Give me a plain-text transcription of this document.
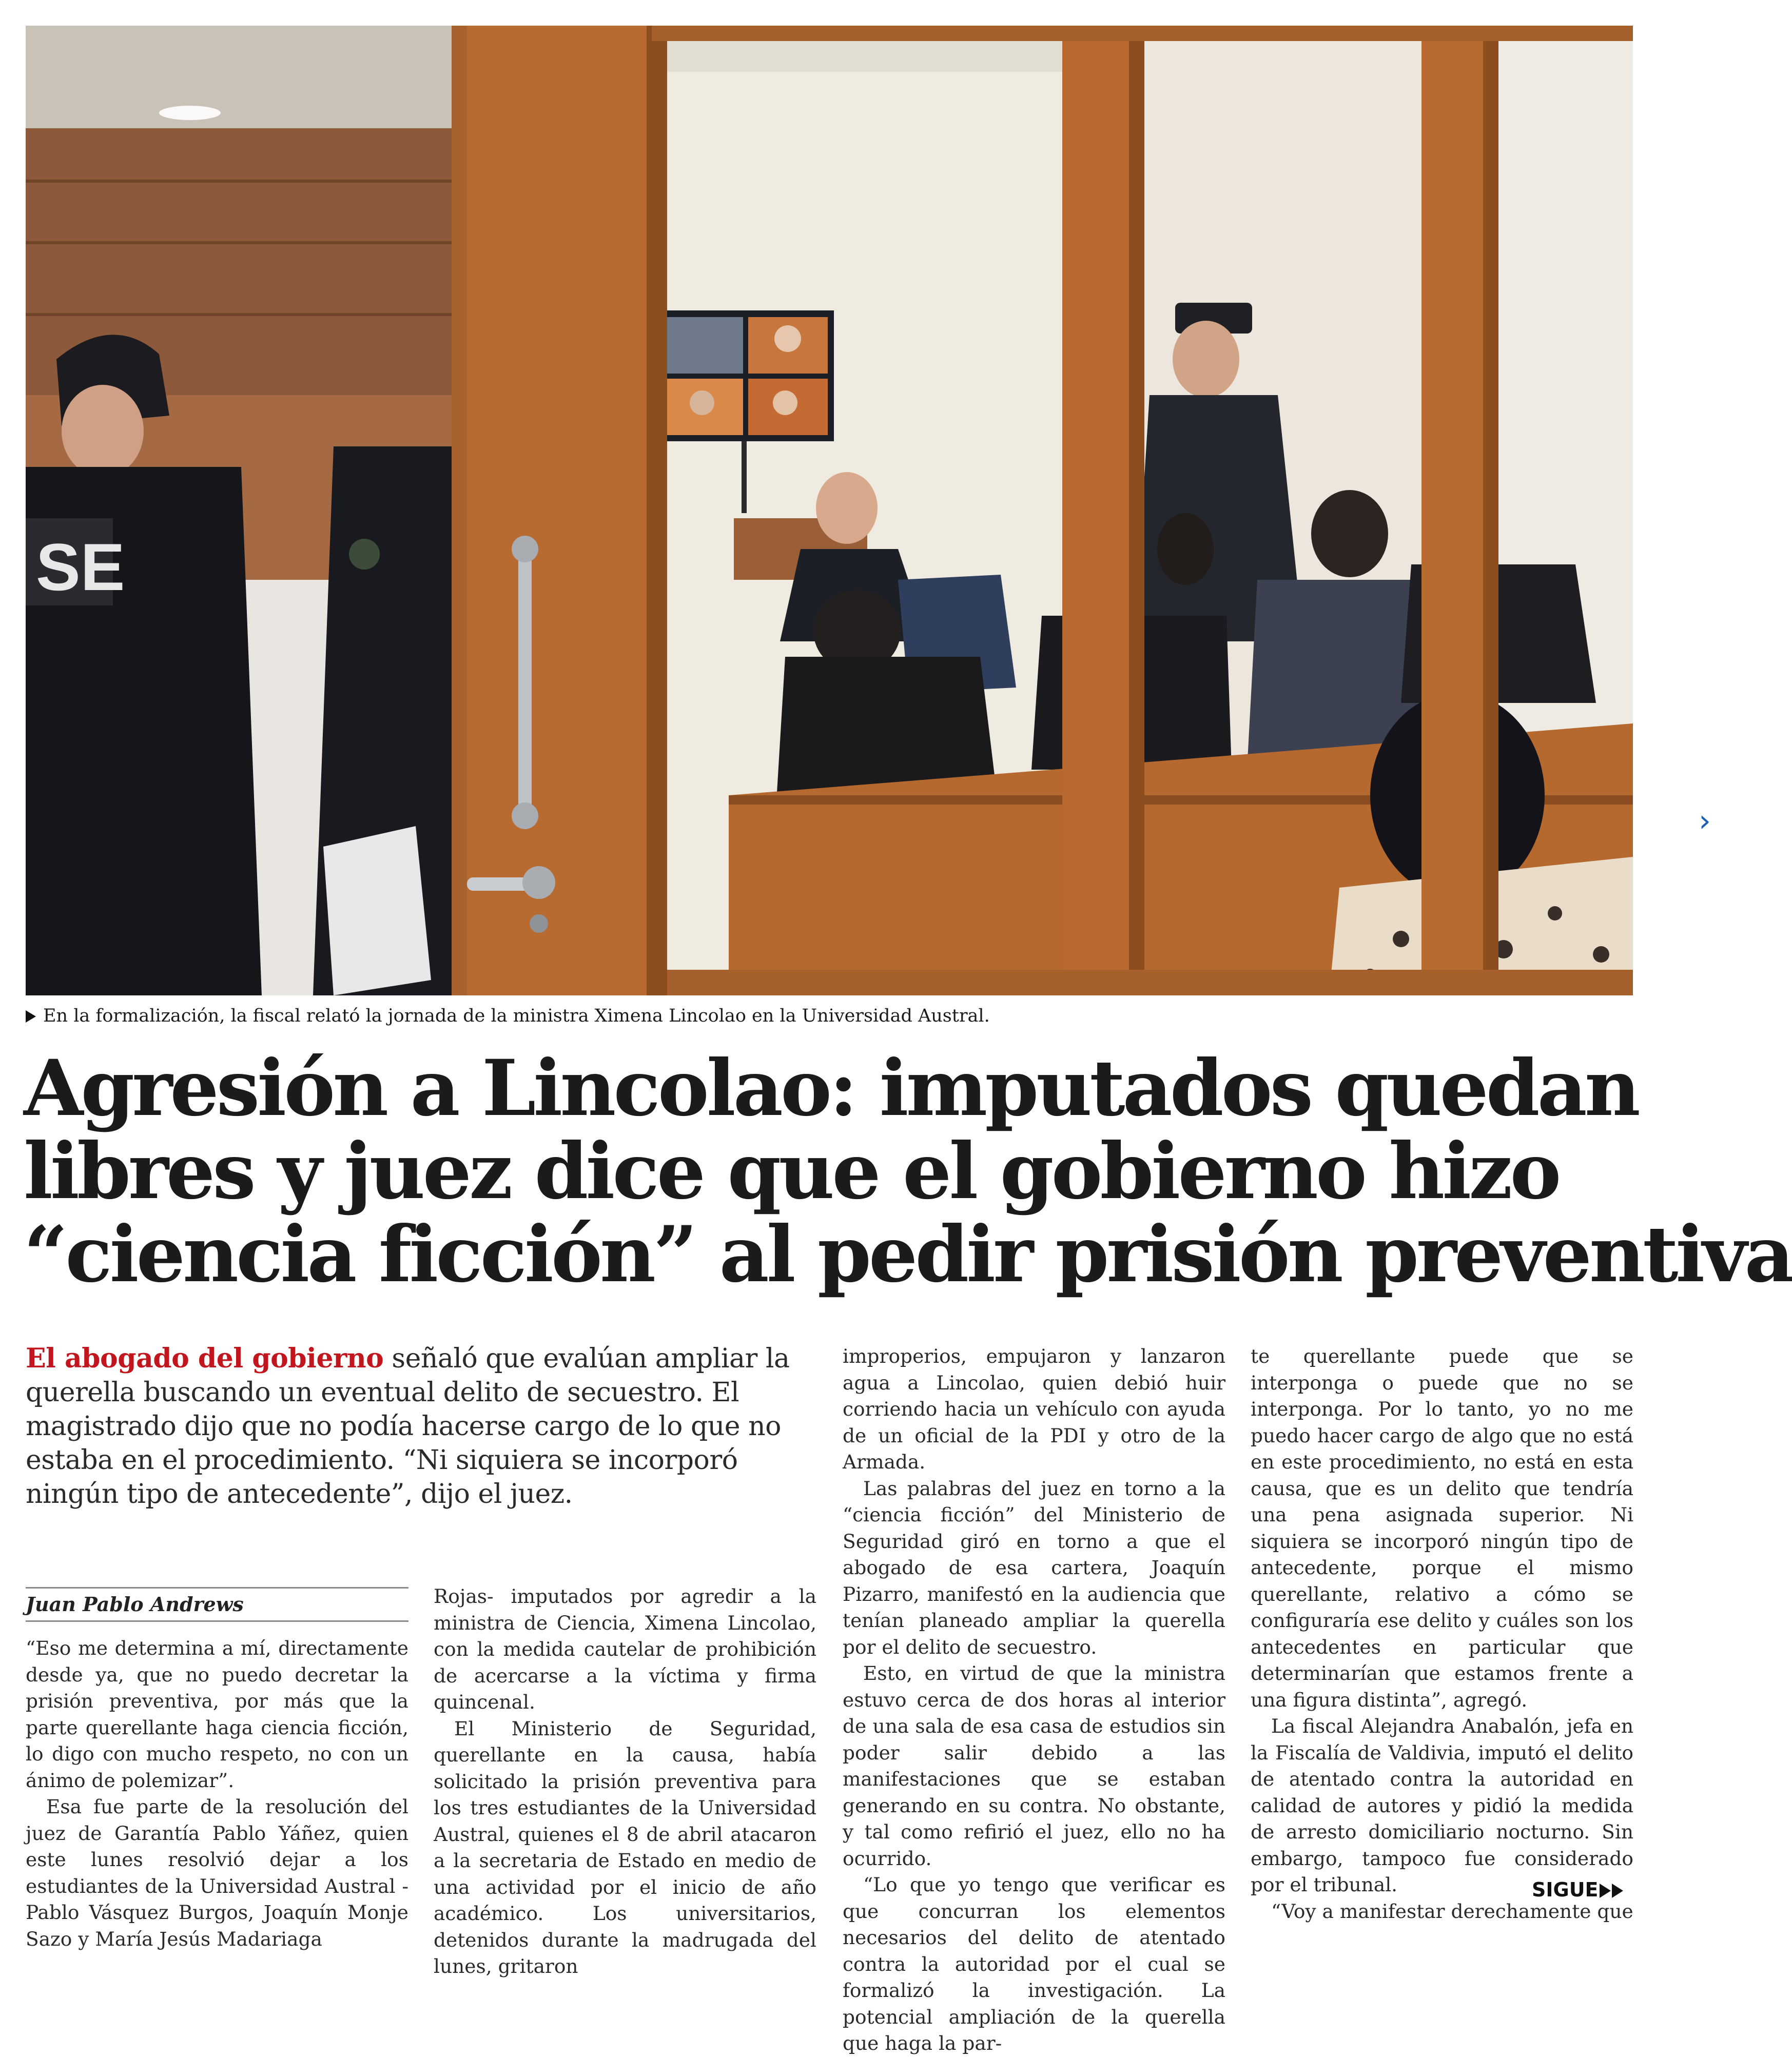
SE
En la formalización, la fiscal relató la jornada de la ministra Ximena Lincolao en la Universidad Austral.
Agresión a Lincolao: imputados quedan
libres y juez dice que el gobierno hizo
“ciencia ficción” al pedir prisión preventiva
El abogado del gobierno señaló que evalúan ampliar la querella buscando un eventual delito de secuestro. El magistrado dijo que no podía hacerse cargo de lo que no estaba en el procedimiento. “Ni siquiera se incorporó ningún tipo de antecedente”, dijo el juez.
Juan Pablo Andrews

“Eso me determina a mí, directamente desde ya, que no puedo decretar la prisión preventiva, por más que la parte querellante haga ciencia ficción, lo digo con mucho respeto, no con un ánimo de polemizar”.

Esa fue parte de la resolución del juez de Garantía Pablo Yáñez, quien este lunes resolvió dejar a los estudiantes de la Universidad Austral -Pablo Vásquez Burgos, Joaquín Monje Sazo y María Jesús Madariaga

Rojas- imputados por agredir a la ministra de Ciencia, Ximena Lincolao, con la medida cautelar de prohibición de acercarse a la víctima y firma quincenal.

El Ministerio de Seguridad, querellante en la causa, había solicitado la prisión preventiva para los tres estudiantes de la Universidad Austral, quienes el 8 de abril atacaron a la secretaria de Estado en medio de una actividad por el inicio de año académico. Los universitarios, detenidos durante la madrugada del lunes, gritaron

improperios, empujaron y lanzaron agua a Lincolao, quien debió huir corriendo hacia un vehículo con ayuda de un oficial de la PDI y otro de la Armada.

Las palabras del juez en torno a la “ciencia ficción” del Ministerio de Seguridad giró en torno a que el abogado de esa cartera, Joaquín Pizarro, manifestó en la audiencia que tenían planeado ampliar la querella por el delito de secuestro.

Esto, en virtud de que la ministra estuvo cerca de dos horas al interior de una sala de esa casa de estudios sin poder salir debido a las manifestaciones que se estaban generando en su contra. No obstante, y tal como refirió el juez, ello no ha ocurrido.

“Lo que yo tengo que verificar es que concurran los elementos necesarios del delito de atentado contra la autoridad por el cual se formalizó la investigación. La potencial ampliación de la querella que haga la par-

te querellante puede que se interponga o puede que no se interponga. Por lo tanto, yo no me puedo hacer cargo de algo que no está en este procedimiento, no está en esta causa, que es un delito que tendría una pena asignada superior. Ni siquiera se incorporó ningún tipo de antecedente, porque el mismo querellante, relativo a cómo se configuraría ese delito y cuáles son los antecedentes en particular que determinarían que estamos frente a una figura distinta”, agregó.

La fiscal Alejandra Anabalón, jefa en la Fiscalía de Valdivia, imputó el delito de atentado contra la autoridad en calidad de autores y pidió la medida de arresto domiciliario nocturno. Sin embargo, tampoco fue considerado por el tribunal.

“Voy a manifestar derechamente que

SIGUE
›
